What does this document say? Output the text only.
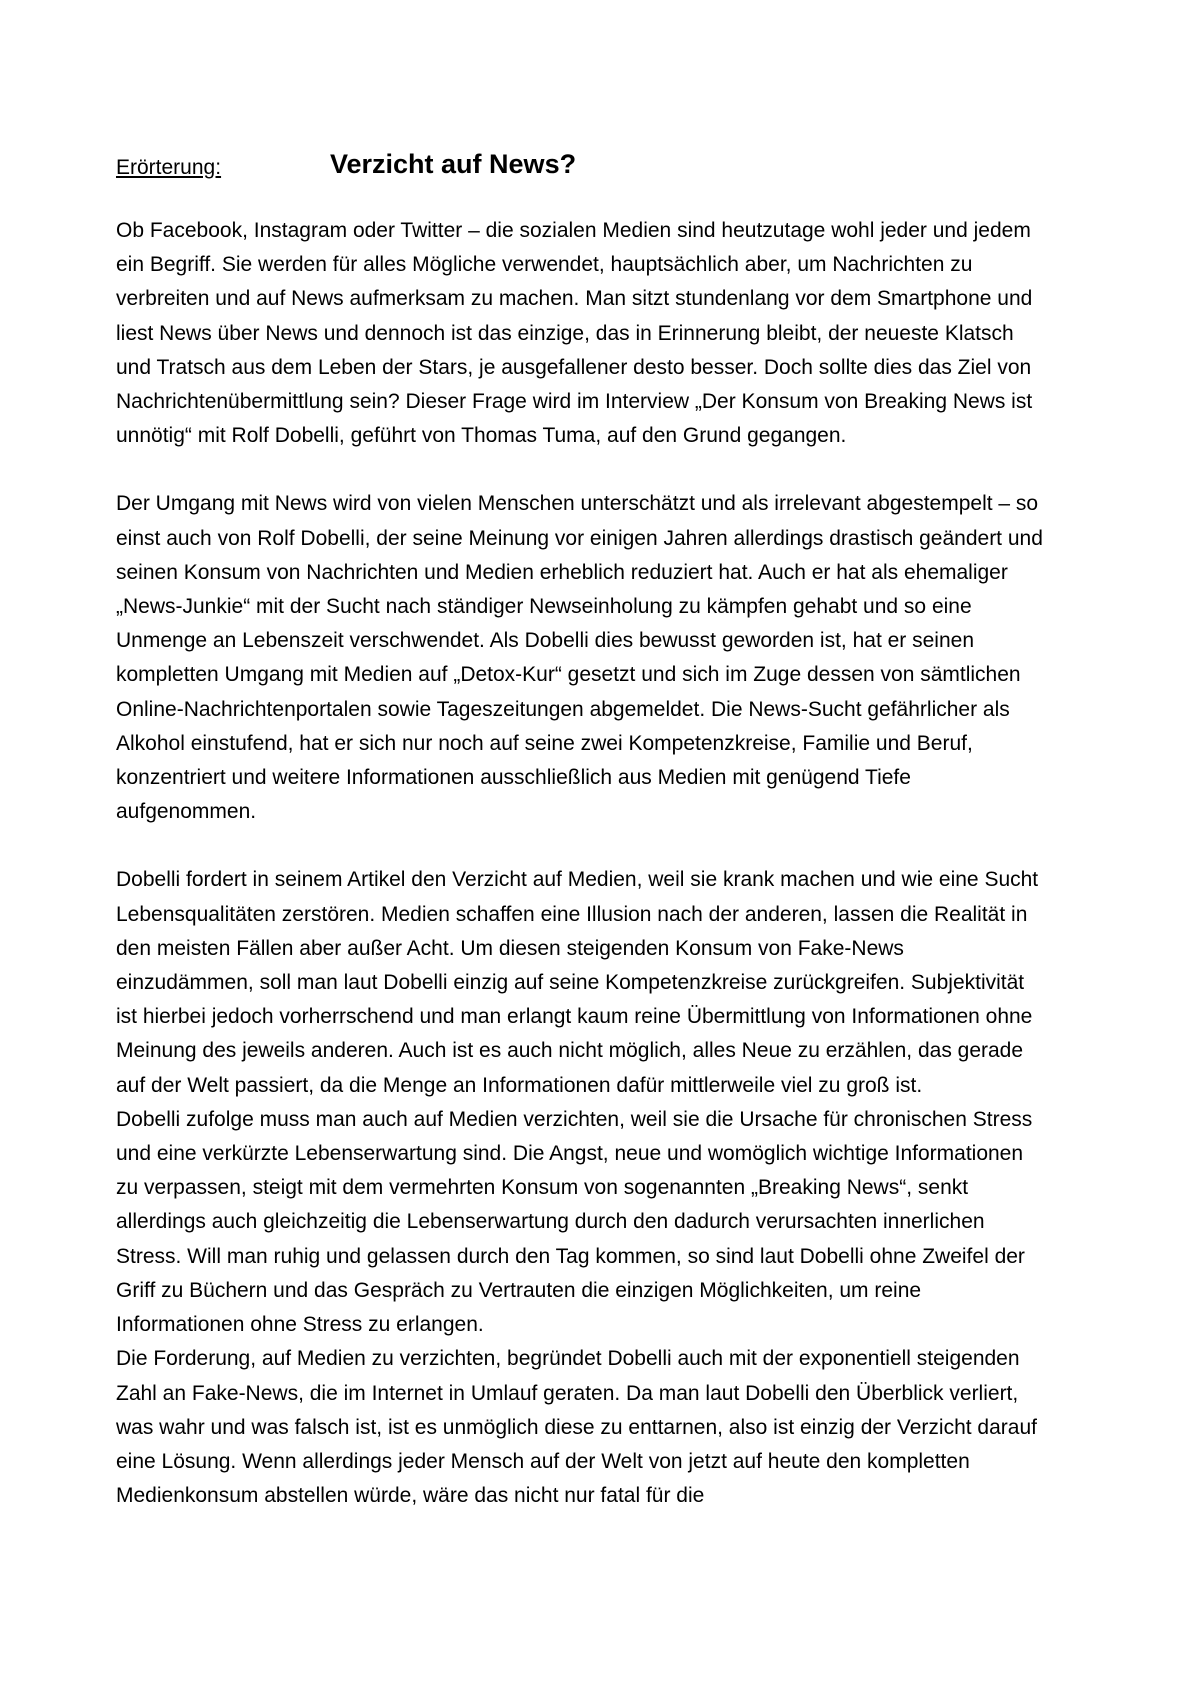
Erörterung:	Verzicht auf News?

Ob Facebook, Instagram oder Twitter – die sozialen Medien sind heutzutage wohl jeder und jedem ein Begriff. Sie werden für alles Mögliche verwendet, hauptsächlich aber, um Nachrichten zu verbreiten und auf News aufmerksam zu machen. Man sitzt stundenlang vor dem Smartphone und liest News über News und dennoch ist das einzige, das in Erinnerung bleibt, der neueste Klatsch und Tratsch aus dem Leben der Stars, je ausgefallener desto besser. Doch sollte dies das Ziel von Nachrichtenübermittlung sein? Dieser Frage wird im Interview „Der Konsum von Breaking News ist unnötig“ mit Rolf Dobelli, geführt von Thomas Tuma, auf den Grund gegangen.

Der Umgang mit News wird von vielen Menschen unterschätzt und als irrelevant abgestempelt – so einst auch von Rolf Dobelli, der seine Meinung vor einigen Jahren allerdings drastisch geändert und seinen Konsum von Nachrichten und Medien erheblich reduziert hat. Auch er hat als ehemaliger „News-Junkie“ mit der Sucht nach ständiger Newseinholung zu kämpfen gehabt und so eine Unmenge an Lebenszeit verschwendet. Als Dobelli dies bewusst geworden ist, hat er seinen kompletten Umgang mit Medien auf „Detox-Kur“ gesetzt und sich im Zuge dessen von sämtlichen Online-Nachrichtenportalen sowie Tageszeitungen abgemeldet. Die News-Sucht gefährlicher als Alkohol einstufend, hat er sich nur noch auf seine zwei Kompetenzkreise, Familie und Beruf, konzentriert und weitere Informationen ausschließlich aus Medien mit genügend Tiefe aufgenommen.

Dobelli fordert in seinem Artikel den Verzicht auf Medien, weil sie krank machen und wie eine Sucht Lebensqualitäten zerstören. Medien schaffen eine Illusion nach der anderen, lassen die Realität in den meisten Fällen aber außer Acht. Um diesen steigenden Konsum von Fake-News einzudämmen, soll man laut Dobelli einzig auf seine Kompetenzkreise zurückgreifen. Subjektivität ist hierbei jedoch vorherrschend und man erlangt kaum reine Übermittlung von Informationen ohne Meinung des jeweils anderen. Auch ist es auch nicht möglich, alles Neue zu erzählen, das gerade auf der Welt passiert, da die Menge an Informationen dafür mittlerweile viel zu groß ist.

Dobelli zufolge muss man auch auf Medien verzichten, weil sie die Ursache für chronischen Stress und eine verkürzte Lebenserwartung sind. Die Angst, neue und womöglich wichtige Informationen zu verpassen, steigt mit dem vermehrten Konsum von sogenannten „Breaking News“, senkt allerdings auch gleichzeitig die Lebenserwartung durch den dadurch verursachten innerlichen Stress. Will man ruhig und gelassen durch den Tag kommen, so sind laut Dobelli ohne Zweifel der Griff zu Büchern und das Gespräch zu Vertrauten die einzigen Möglichkeiten, um reine Informationen ohne Stress zu erlangen.

Die Forderung, auf Medien zu verzichten, begründet Dobelli auch mit der exponentiell steigenden Zahl an Fake-News, die im Internet in Umlauf geraten. Da man laut Dobelli den Überblick verliert, was wahr und was falsch ist, ist es unmöglich diese zu enttarnen, also ist einzig der Verzicht darauf eine Lösung. Wenn allerdings jeder Mensch auf der Welt von jetzt auf heute den kompletten Medienkonsum abstellen würde, wäre das nicht nur fatal für die
